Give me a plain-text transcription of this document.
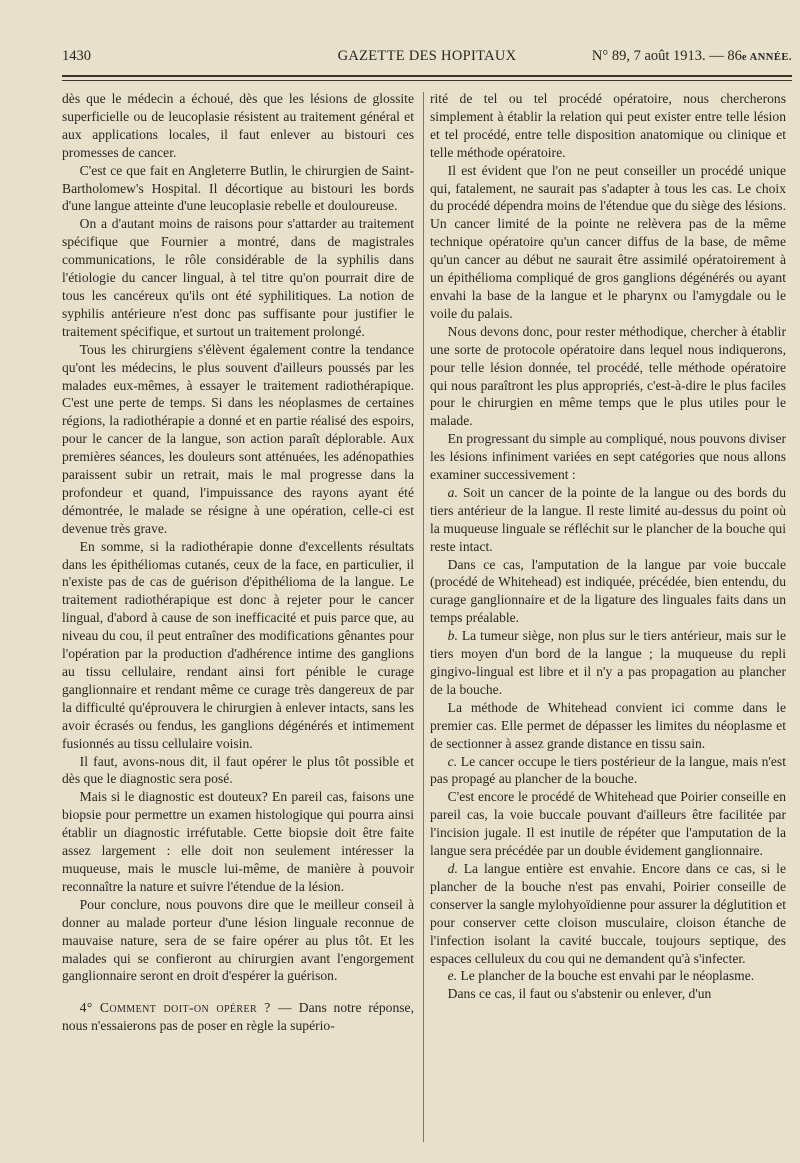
1430	GAZETTE DES HOPITAUX	N° 89, 7 août 1913. — 86e ANNÉE.

dès que le médecin a échoué, dès que les lésions de glossite superficielle ou de leucoplasie résistent au traitement général et aux applications locales, il faut enlever au bistouri ces promesses de cancer.

C'est ce que fait en Angleterre Butlin, le chirurgien de Saint-Bartholomew's Hospital. Il décortique au bistouri les bords d'une langue atteinte d'une leucoplasie rebelle et douloureuse.

On a d'autant moins de raisons pour s'attarder au traitement spécifique que Fournier a montré, dans de magistrales communications, le rôle considérable de la syphilis dans l'étiologie du cancer lingual, à tel titre qu'on pourrait dire de tous les cancéreux qu'ils ont été syphilitiques. La notion de syphilis antérieure n'est donc pas suffisante pour justifier le traitement spécifique, et surtout un traitement prolongé.

Tous les chirurgiens s'élèvent également contre la tendance qu'ont les médecins, le plus souvent d'ailleurs poussés par les malades eux-mêmes, à essayer le traitement radiothérapique. C'est une perte de temps. Si dans les néoplasmes de certaines régions, la radiothérapie a donné et en partie réalisé des espoirs, pour le cancer de la langue, son action paraît déplorable. Aux premières séances, les douleurs sont atténuées, les adénopathies paraissent subir un retrait, mais le mal progresse dans la profondeur et quand, l'impuissance des rayons ayant été démontrée, le malade se résigne à une opération, celle-ci est devenue très grave.

En somme, si la radiothérapie donne d'excellents résultats dans les épithéliomas cutanés, ceux de la face, en particulier, il n'existe pas de cas de guérison d'épithélioma de la langue. Le traitement radiothérapique est donc à rejeter pour le cancer lingual, d'abord à cause de son inefficacité et puis parce que, au niveau du cou, il peut entraîner des modifications gênantes pour l'opération par la production d'adhérence intime des ganglions au tissu cellulaire, rendant ainsi fort pénible le curage ganglionnaire et rendant même ce curage très dangereux de par la difficulté qu'éprouvera le chirurgien à enlever intacts, sans les avoir écrasés ou fendus, les ganglions dégénérés et intimement fusionnés au tissu cellulaire voisin.

Il faut, avons-nous dit, il faut opérer le plus tôt possible et dès que le diagnostic sera posé.

Mais si le diagnostic est douteux? En pareil cas, faisons une biopsie pour permettre un examen histologique qui pourra ainsi établir un diagnostic irréfutable. Cette biopsie doit être faite assez largement : elle doit non seulement intéresser la muqueuse, mais le muscle lui-même, de manière à pouvoir reconnaître la nature et suivre l'étendue de la lésion.

Pour conclure, nous pouvons dire que le meilleur conseil à donner au malade porteur d'une lésion linguale reconnue de mauvaise nature, sera de se faire opérer au plus tôt. Et les malades qui se confieront au chirurgien avant l'engorgement ganglionnaire seront en droit d'espérer la guérison.

4° Comment doit-on opérer ? — Dans notre réponse, nous n'essaierons pas de poser en règle la supério-

rité de tel ou tel procédé opératoire, nous chercherons simplement à établir la relation qui peut exister entre telle lésion et tel procédé, entre telle disposition anatomique ou clinique et telle méthode opératoire.

Il est évident que l'on ne peut conseiller un procédé unique qui, fatalement, ne saurait pas s'adapter à tous les cas. Le choix du procédé dépendra moins de l'étendue que du siège des lésions. Un cancer limité de la pointe ne relèvera pas de la même technique opératoire qu'un cancer diffus de la base, de même qu'un cancer au début ne saurait être assimilé opératoirement à un épithélioma compliqué de gros ganglions dégénérés ou ayant envahi la base de la langue et le pharynx ou l'amygdale ou le voile du palais.

Nous devons donc, pour rester méthodique, chercher à établir une sorte de protocole opératoire dans lequel nous indiquerons, pour telle lésion donnée, tel procédé, telle méthode opératoire qui nous paraîtront les plus appropriés, c'est-à-dire le plus faciles pour le chirurgien en même temps que le plus utiles pour le malade.

En progressant du simple au compliqué, nous pouvons diviser les lésions infiniment variées en sept catégories que nous allons examiner successivement :

a. Soit un cancer de la pointe de la langue ou des bords du tiers antérieur de la langue. Il reste limité au-dessus du point où la muqueuse linguale se réfléchit sur le plancher de la bouche qui reste intact.

Dans ce cas, l'amputation de la langue par voie buccale (procédé de Whitehead) est indiquée, précédée, bien entendu, du curage ganglionnaire et de la ligature des linguales faits dans un temps préalable.

b. La tumeur siège, non plus sur le tiers antérieur, mais sur le tiers moyen d'un bord de la langue ; la muqueuse du repli gingivo-lingual est libre et il n'y a pas propagation au plancher de la bouche.

La méthode de Whitehead convient ici comme dans le premier cas. Elle permet de dépasser les limites du néoplasme et de sectionner à assez grande distance en tissu sain.

c. Le cancer occupe le tiers postérieur de la langue, mais n'est pas propagé au plancher de la bouche.

C'est encore le procédé de Whitehead que Poirier conseille en pareil cas, la voie buccale pouvant d'ailleurs être facilitée par l'incision jugale. Il est inutile de répéter que l'amputation de la langue sera précédée par un double évidement ganglionnaire.

d. La langue entière est envahie. Encore dans ce cas, si le plancher de la bouche n'est pas envahi, Poirier conseille de conserver la sangle mylohyoïdienne pour assurer la déglutition et pour conserver cette cloison musculaire, cloison étanche de l'infection isolant la cavité buccale, toujours septique, des espaces celluleux du cou qui ne demandent qu'à s'infecter.

e. Le plancher de la bouche est envahi par le néoplasme.

Dans ce cas, il faut ou s'abstenir ou enlever, d'un
